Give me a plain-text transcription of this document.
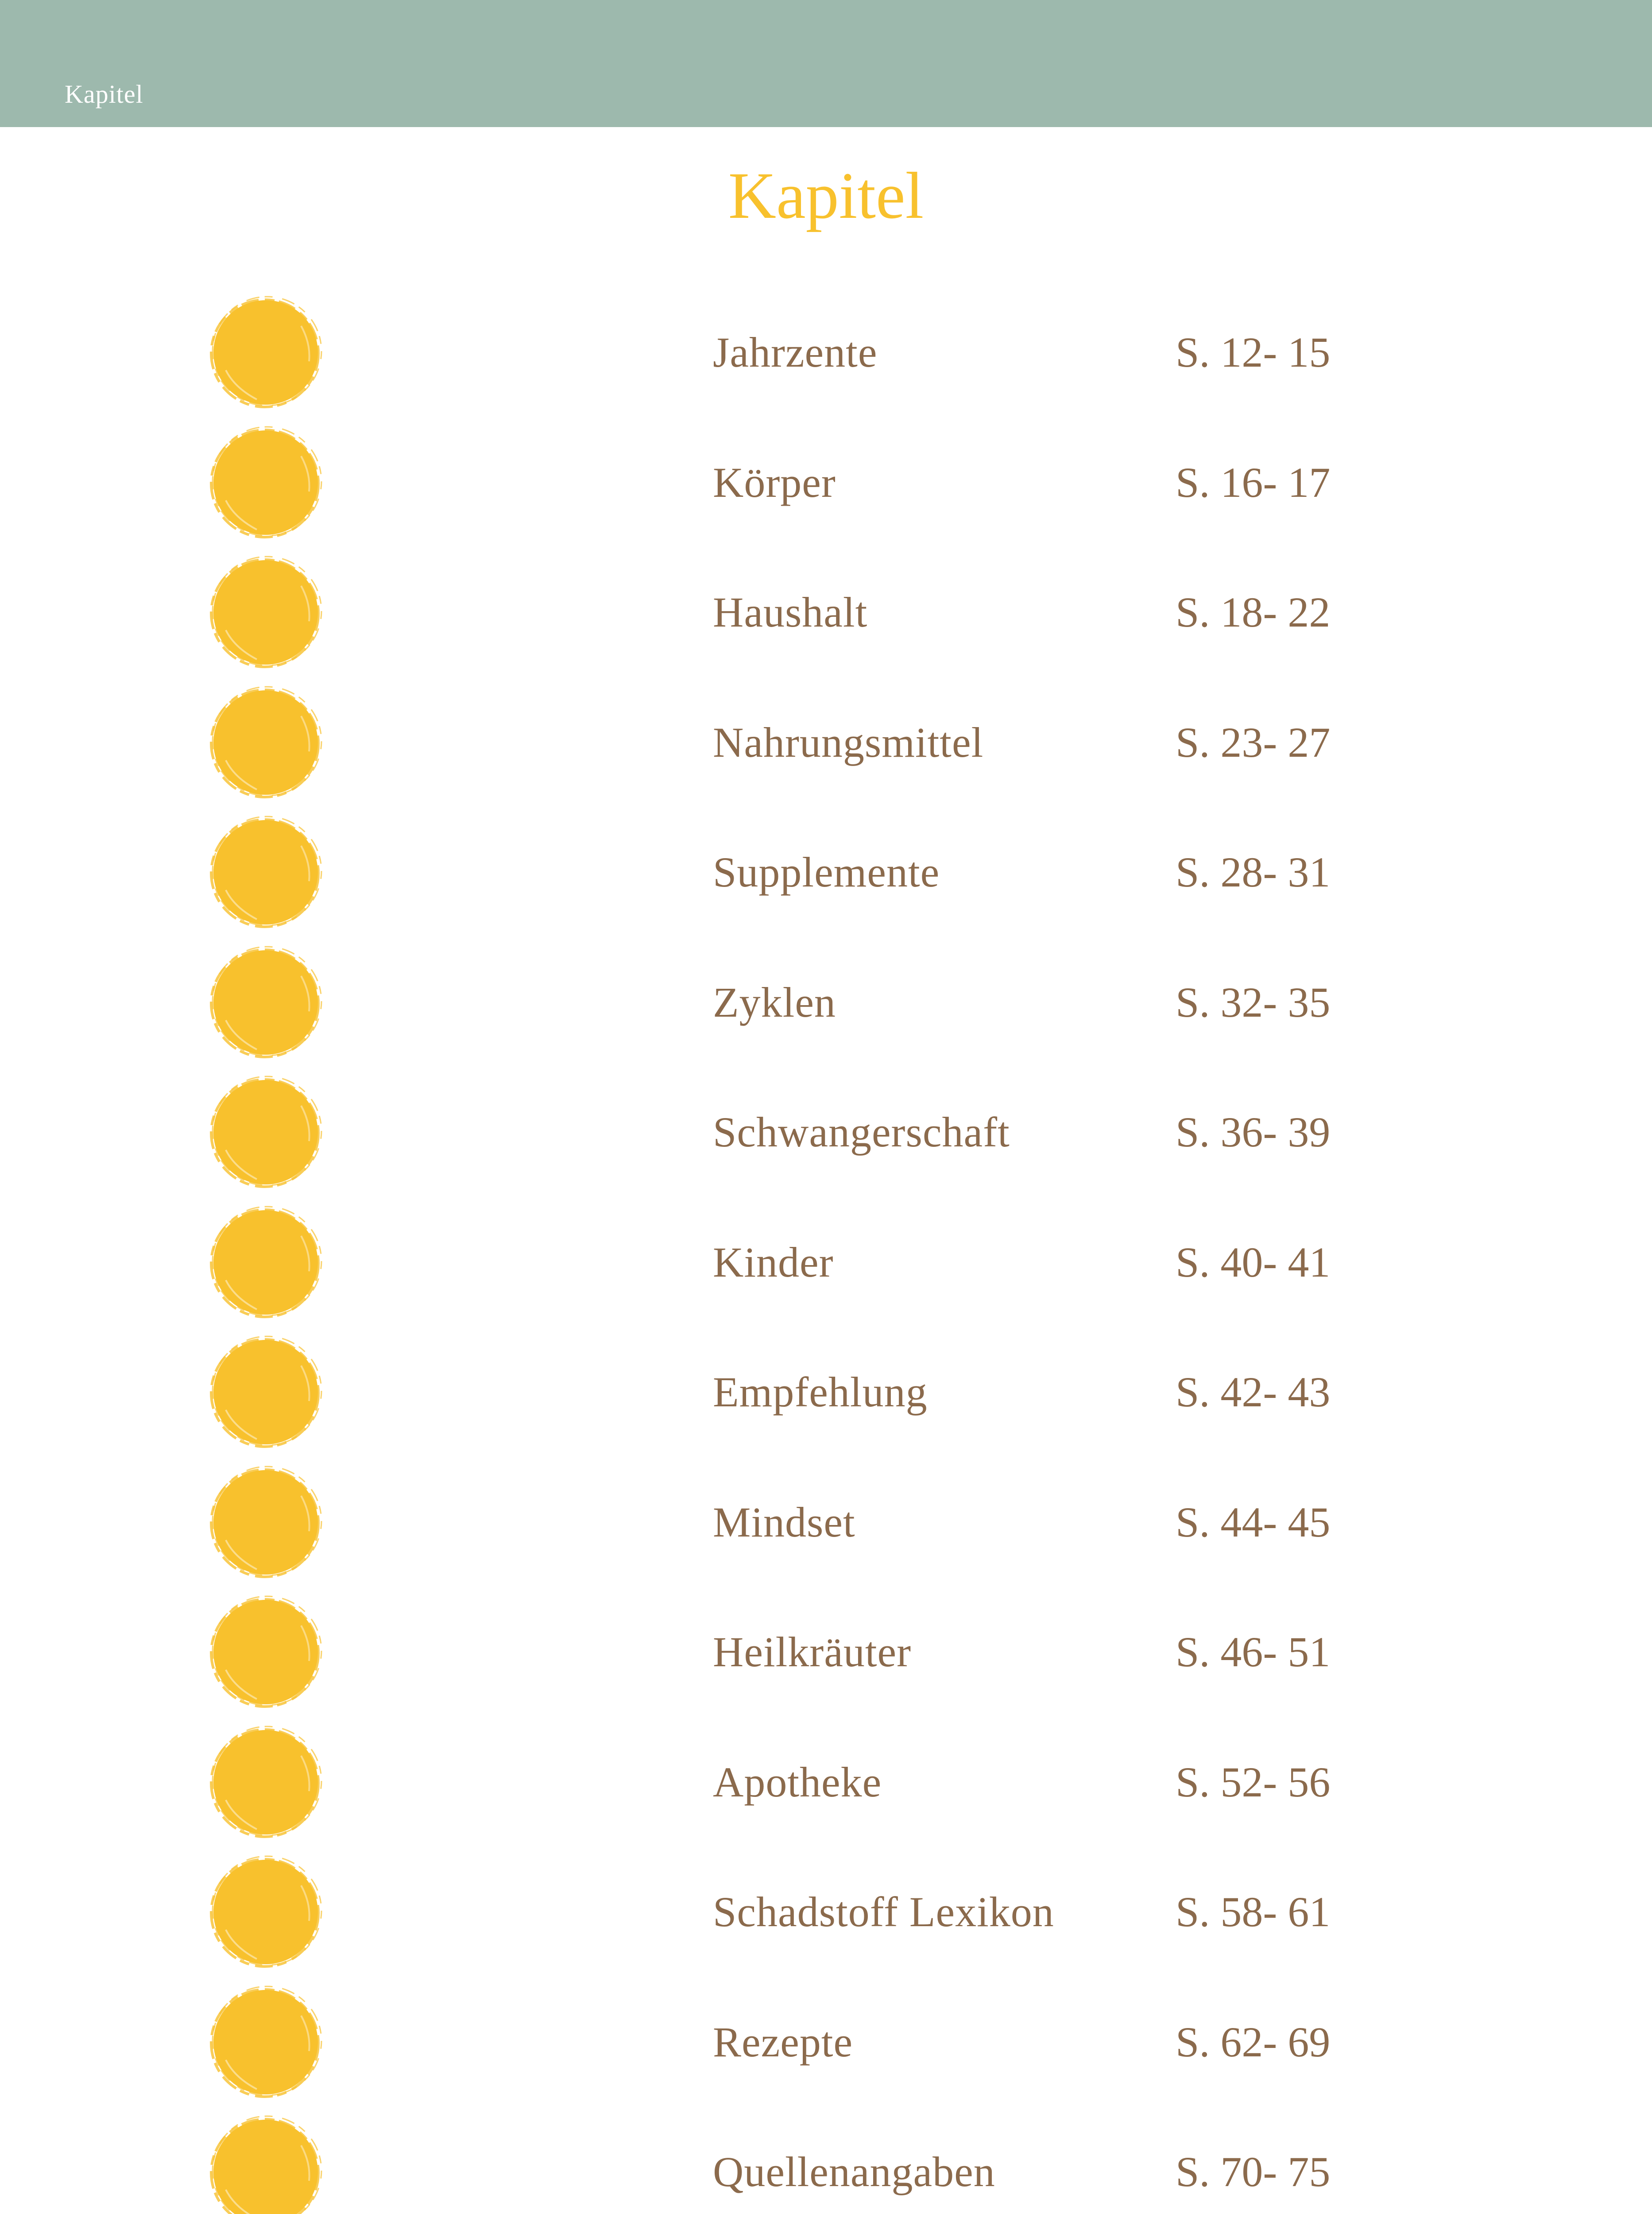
Kapitel
Kapitel
Jahrzente	S. 12- 15
Körper	S. 16- 17
Haushalt	S. 18- 22
Nahrungsmittel	S. 23- 27
Supplemente	S. 28- 31
Zyklen	S. 32- 35
Schwangerschaft	S. 36- 39
Kinder	S. 40- 41
Empfehlung	S. 42- 43
Mindset	S. 44- 45
Heilkräuter	S. 46- 51
Apotheke	S. 52- 56
Schadstoff Lexikon	S. 58- 61
Rezepte	S. 62- 69
Quellenangaben	S. 70- 75
